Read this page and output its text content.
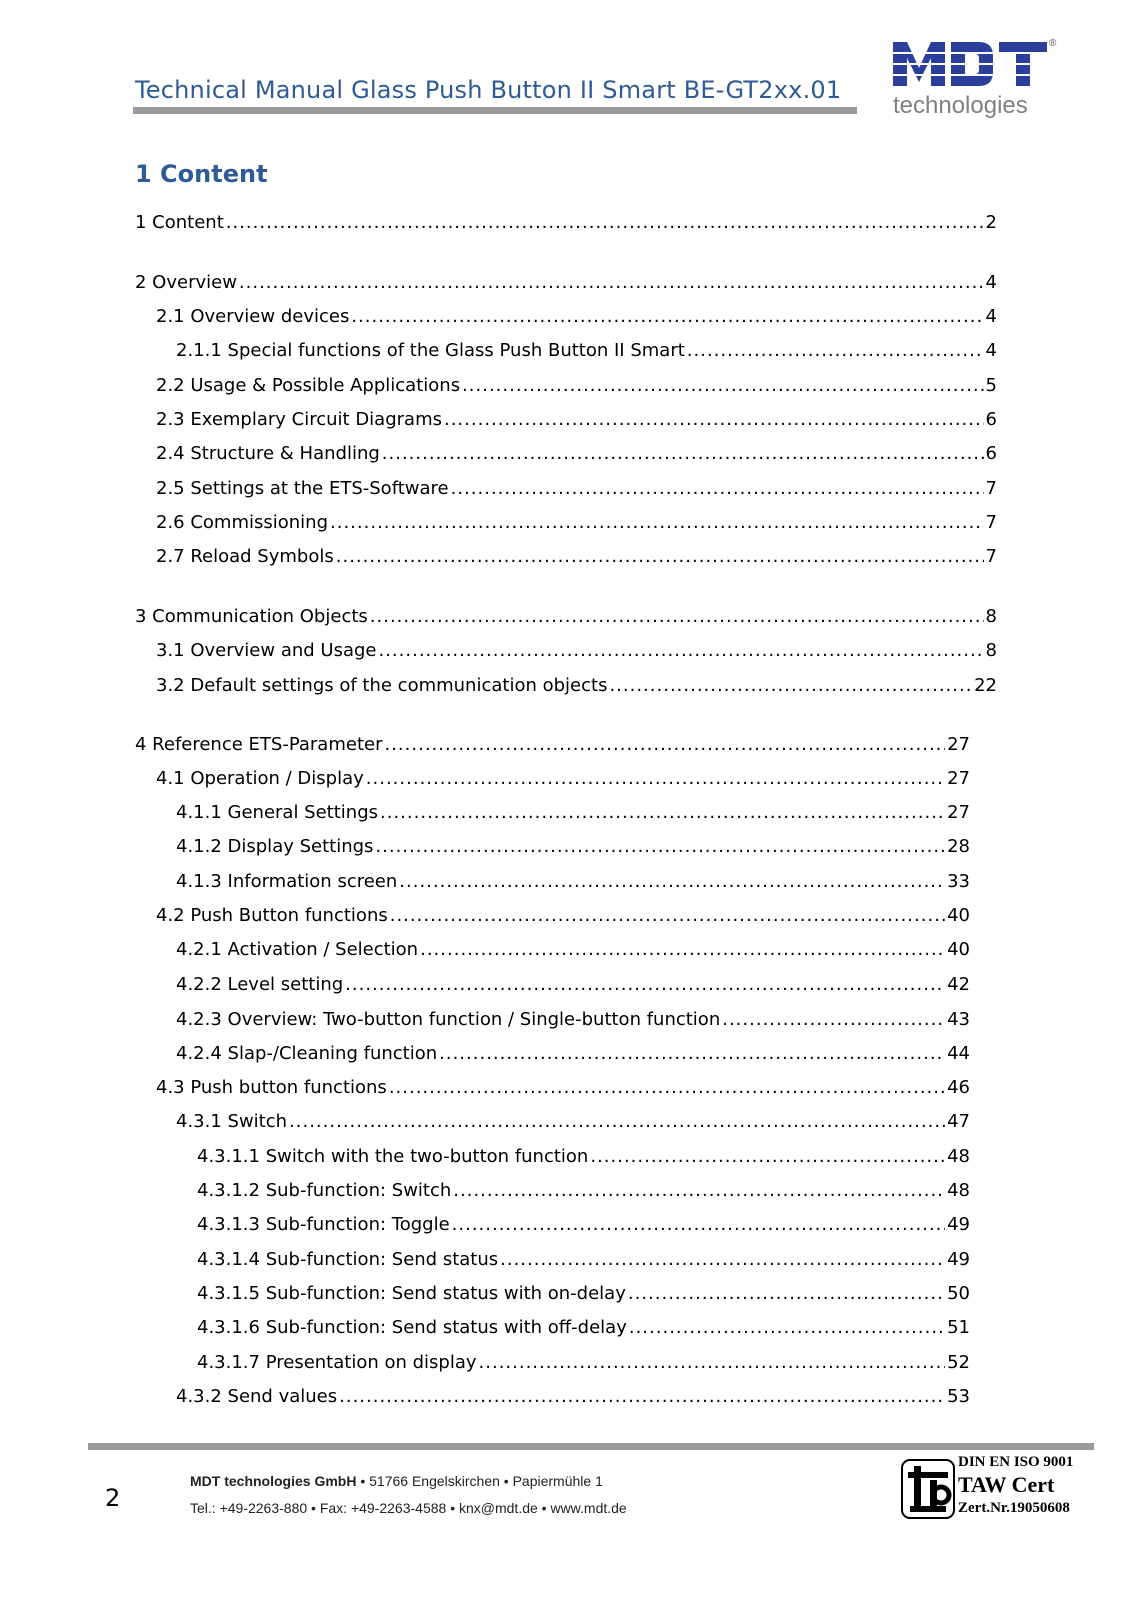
Technical Manual Glass Push Button II Smart BE-GT2xx.01
®
technologies
1 Content
1 Content .....	2
2 Overview .....	4
2.1 Overview devices .....	4
2.1.1 Special functions of the Glass Push Button II Smart .....	4
2.2 Usage & Possible Applications .....	5
2.3 Exemplary Circuit Diagrams .....	6
2.4 Structure & Handling .....	6
2.5 Settings at the ETS-Software .....	7
2.6 Commissioning .....	7
2.7 Reload Symbols .....	7
3 Communication Objects .....	8
3.1 Overview and Usage .....	8
3.2 Default settings of the communication objects .....	22
4 Reference ETS-Parameter .....	27
4.1 Operation / Display .....	27
4.1.1 General Settings .....	27
4.1.2 Display Settings .....	28
4.1.3 Information screen .....	33
4.2 Push Button functions .....	40
4.2.1 Activation / Selection .....	40
4.2.2 Level setting .....	42
4.2.3 Overview: Two-button function / Single-button function .....	43
4.2.4 Slap-/Cleaning function .....	44
4.3 Push button functions .....	46
4.3.1 Switch .....	47
4.3.1.1 Switch with the two-button function .....	48
4.3.1.2 Sub-function: Switch .....	48
4.3.1.3 Sub-function: Toggle .....	49
4.3.1.4 Sub-function: Send status .....	49
4.3.1.5 Sub-function: Send status with on-delay .....	50
4.3.1.6 Sub-function: Send status with off-delay .....	51
4.3.1.7 Presentation on display .....	52
4.3.2 Send values .....	53
2
MDT technologies GmbH • 51766 Engelskirchen • Papiermühle 1
Tel.: +49-2263-880 • Fax: +49-2263-4588 • knx@mdt.de • www.mdt.de
DIN EN ISO 9001
TAW Cert
Zert.Nr.19050608
